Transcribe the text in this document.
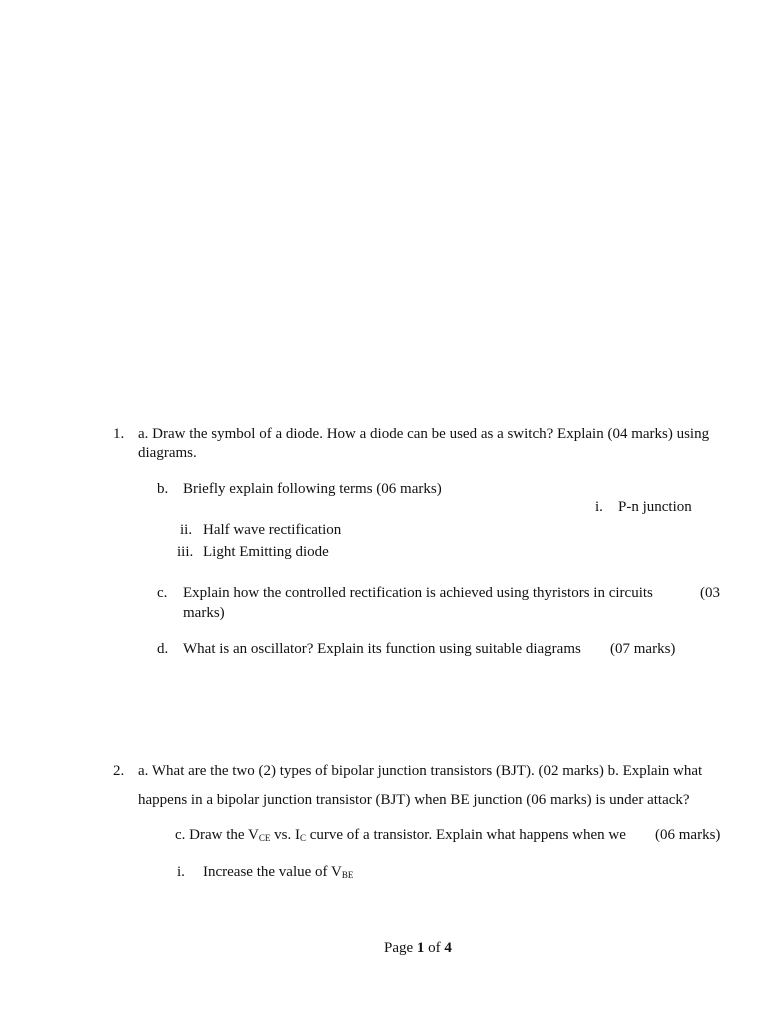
1. a. Draw the symbol of a diode. How a diode can be used as a switch? Explain (04 marks) using
diagrams.
b. Briefly explain following terms (06 marks)
i. P-n junction
ii. Half wave rectification
iii. Light Emitting diode
c. Explain how the controlled rectification is achieved using thyristors in circuits	(03
marks)
d. What is an oscillator? Explain its function using suitable diagrams (07 marks)
2. a. What are the two (2) types of bipolar junction transistors (BJT). (02 marks) b. Explain what
happens in a bipolar junction transistor (BJT) when BE junction (06 marks) is under attack?
c. Draw the $V_{CE}$ vs. $I_C$ curve of a transistor. Explain what happens when we (06 marks)
i. Increase the value of $V_{BE}$
Page 1 of 4
